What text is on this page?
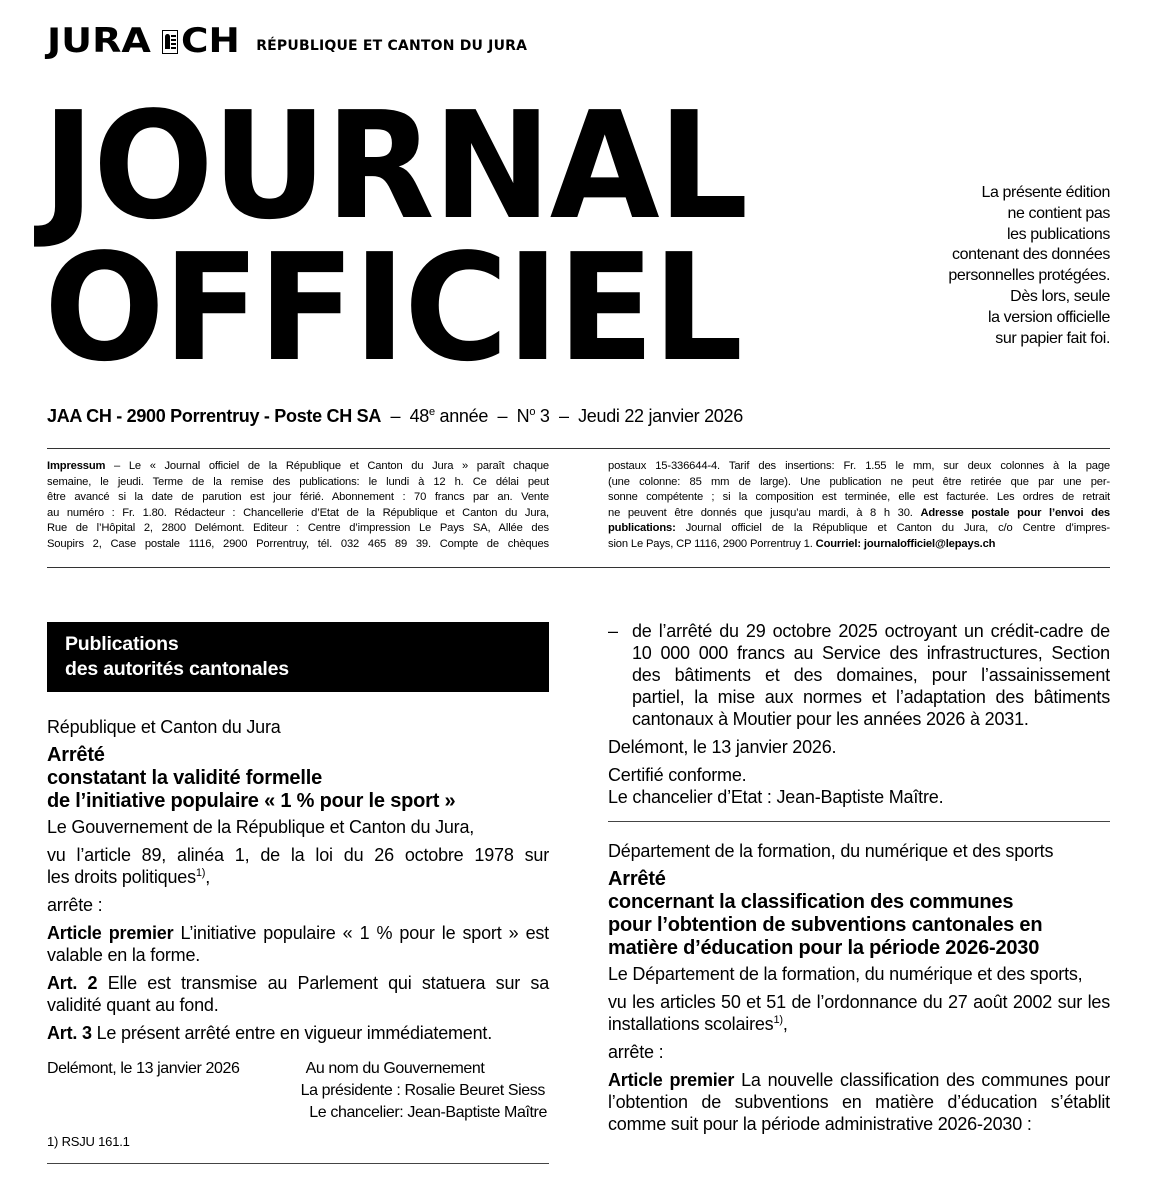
JURA CH RÉPUBLIQUE ET CANTON DU JURA
JOURNAL
OFFICIEL
La présente édition
ne contient pas
les publications
contenant des données
personnelles protégées.
Dès lors, seule
la version officielle
sur papier fait foi.
JAA CH - 2900 Porrentruy - Poste CH SA – 48e année – $N^o$ 3 – Jeudi 22 janvier 2026
Impressum – Le « Journal officiel de la République et Canton du Jura » paraît chaque
semaine, le jeudi. Terme de la remise des publications: le lundi à 12 h. Ce délai peut
être avancé si la date de parution est jour férié. Abonnement : 70 francs par an. Vente
au numéro : Fr. 1.80. Rédacteur : Chancellerie d’Etat de la République et Canton du Jura,
Rue de l’Hôpital 2, 2800 Delémont. Editeur : Centre d’impression Le Pays SA, Allée des
Soupirs 2, Case postale 1116, 2900 Porrentruy, tél. 032 465 89 39. Compte de chèques
postaux 15-336644-4. Tarif des insertions: Fr. 1.55 le mm, sur deux colonnes à la page
(une colonne: 85 mm de large). Une publication ne peut être retirée que par une per-
sonne compétente ; si la composition est terminée, elle est facturée. Les ordres de retrait
ne peuvent être donnés que jusqu’au mardi, à 8 h 30. Adresse postale pour l’envoi des
publications: Journal officiel de la République et Canton du Jura, c/o Centre d’impres-
sion Le Pays, CP 1116, 2900 Porrentruy 1. Courriel: journalofficiel@lepays.ch
Publications
des autorités cantonales

République et Canton du Jura

Arrêté
constatant la validité formelle
de l’initiative populaire « 1 % pour le sport »

Le Gouvernement de la République et Canton du Jura,

vu l’article 89, alinéa 1, de la loi du 26 octobre 1978 sur

les droits politiques$^{1)}$,

arrête :

Article premier L’initiative populaire « 1 % pour le sport » est valable en la forme.

Art. 2 Elle est transmise au Parlement qui statuera sur sa validité quant au fond.

Art. 3 Le présent arrêté entre en vigueur immédiatement.

Delémont, le 13 janvier 2026	Au nom du Gouvernement
La présidente : Rosalie Beuret Siess
Le chancelier: Jean-Baptiste Maître

1) RSJU 161.1

– de l’arrêté du 29 octobre 2025 octroyant un crédit-cadre de 10 000 000 francs au Service des infrastructures, Section des bâtiments et des domaines, pour l’assainissement partiel, la mise aux normes et l’adaptation des bâtiments cantonaux à Moutier pour les années 2026 à 2031.

Delémont, le 13 janvier 2026.

Certifié conforme.

Le chancelier d’Etat : Jean-Baptiste Maître.

Département de la formation, du numérique et des sports

Arrêté
concernant la classification des communes
pour l’obtention de subventions cantonales en
matière d’éducation pour la période 2026-2030

Le Département de la formation, du numérique et des sports,

vu les articles 50 et 51 de l’ordonnance du 27 août 2002 sur les installations scolaires$^{1)}$,

arrête :

Article premier La nouvelle classification des communes pour l’obtention de subventions en matière d’éducation s’établit comme suit pour la période administrative 2026-2030 :
